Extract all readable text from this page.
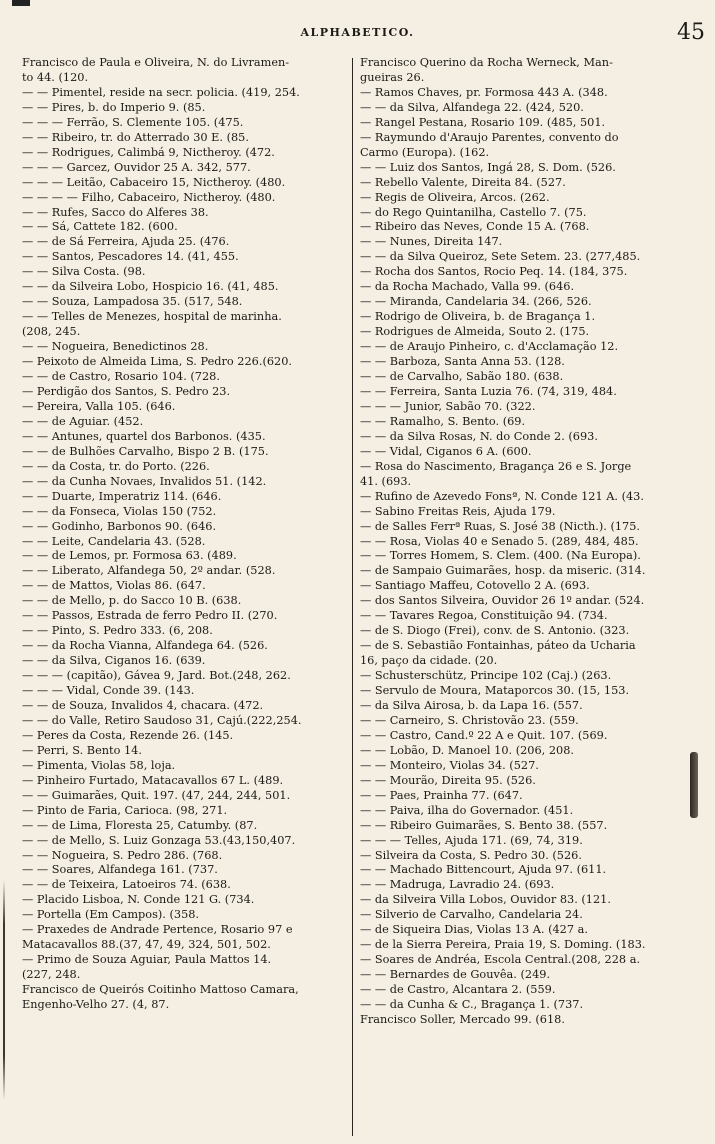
ALPHABETICO.	45
Francisco de Paula e Oliveira, N. do Livramen-
to 44. (120.
— — Pimentel, reside na secr. policia. (419, 254.
— — Pires, b. do Imperio 9. (85.
— — — Ferrão, S. Clemente 105. (475.
— — Ribeiro, tr. do Atterrado 30 E. (85.
— — Rodrigues, Calimbá 9, Nictheroy. (472.
— — — Garcez, Ouvidor 25 A. 342, 577.
— — — Leitão, Cabaceiro 15, Nictheroy. (480.
— — — — Filho, Cabaceiro, Nictheroy. (480.
— — Rufes, Sacco do Alferes 38.
— — Sá, Cattete 182. (600.
— — de Sá Ferreira, Ajuda 25. (476.
— — Santos, Pescadores 14. (41, 455.
— — Silva Costa. (98.
— — da Silveira Lobo, Hospicio 16. (41, 485.
— — Souza, Lampadosa 35. (517, 548.
— — Telles de Menezes, hospital de marinha.
(208, 245.
— — Nogueira, Benedictinos 28.
— Peixoto de Almeida Lima, S. Pedro 226.(620.
— — de Castro, Rosario 104. (728.
— Perdigão dos Santos, S. Pedro 23.
— Pereira, Valla 105. (646.
— — de Aguiar. (452.
— — Antunes, quartel dos Barbonos. (435.
— — de Bulhões Carvalho, Bispo 2 B. (175.
— — da Costa, tr. do Porto. (226.
— — da Cunha Novaes, Invalidos 51. (142.
— — Duarte, Imperatriz 114. (646.
— — da Fonseca, Violas 150 (752.
— — Godinho, Barbonos 90. (646.
— — Leite, Candelaria 43. (528.
— — de Lemos, pr. Formosa 63. (489.
— — Liberato, Alfandega 50, 2º andar. (528.
— — de Mattos, Violas 86. (647.
— — de Mello, p. do Sacco 10 B. (638.
— — Passos, Estrada de ferro Pedro II. (270.
— — Pinto, S. Pedro 333. (6, 208.
— — da Rocha Vianna, Alfandega 64. (526.
— — da Silva, Ciganos 16. (639.
— — — (capitão), Gávea 9, Jard. Bot.(248, 262.
— — — Vidal, Conde 39. (143.
— — de Souza, Invalidos 4, chacara. (472.
— — do Valle, Retiro Saudoso 31, Cajú.(222,254.
— Peres da Costa, Rezende 26. (145.
— Perri, S. Bento 14.
— Pimenta, Violas 58, loja.
— Pinheiro Furtado, Matacavallos 67 L. (489.
— — Guimarães, Quit. 197. (47, 244, 244, 501.
— Pinto de Faria, Carioca. (98, 271.
— — de Lima, Floresta 25, Catumby. (87.
— — de Mello, S. Luiz Gonzaga 53.(43,150,407.
— — Nogueira, S. Pedro 286. (768.
— — Soares, Alfandega 161. (737.
— — de Teixeira, Latoeiros 74. (638.
— Placido Lisboa, N. Conde 121 G. (734.
— Portella (Em Campos). (358.
— Praxedes de Andrade Pertence, Rosario 97 e
Matacavallos 88.(37, 47, 49, 324, 501, 502.
— Primo de Souza Aguiar, Paula Mattos 14.
(227, 248.
Francisco de Queirós Coitinho Mattoso Camara,
Engenho-Velho 27. (4, 87.
Francisco Querino da Rocha Werneck, Man-
gueiras 26.
— Ramos Chaves, pr. Formosa 443 A. (348.
— — da Silva, Alfandega 22. (424, 520.
— Rangel Pestana, Rosario 109. (485, 501.
— Raymundo d'Araujo Parentes, convento do
Carmo (Europa). (162.
— — Luiz dos Santos, Ingá 28, S. Dom. (526.
— Rebello Valente, Direita 84. (527.
— Regis de Oliveira, Arcos. (262.
— do Rego Quintanilha, Castello 7. (75.
— Ribeiro das Neves, Conde 15 A. (768.
— — Nunes, Direita 147.
— — da Silva Queiroz, Sete Setem. 23. (277,485.
— Rocha dos Santos, Rocio Peq. 14. (184, 375.
— da Rocha Machado, Valla 99. (646.
— — Miranda, Candelaria 34. (266, 526.
— Rodrigo de Oliveira, b. de Bragança 1.
— Rodrigues de Almeida, Souto 2. (175.
— — de Araujo Pinheiro, c. d'Acclamação 12.
— — Barboza, Santa Anna 53. (128.
— — de Carvalho, Sabão 180. (638.
— — Ferreira, Santa Luzia 76. (74, 319, 484.
— — — Junior, Sabão 70. (322.
— — Ramalho, S. Bento. (69.
— — da Silva Rosas, N. do Conde 2. (693.
— — Vidal, Ciganos 6 A. (600.
— Rosa do Nascimento, Bragança 26 e S. Jorge
41. (693.
— Rufino de Azevedo Fonsª, N. Conde 121 A. (43.
— Sabino Freitas Reis, Ajuda 179.
— de Salles Ferrª Ruas, S. José 38 (Nicth.). (175.
— — Rosa, Violas 40 e Senado 5. (289, 484, 485.
— — Torres Homem, S. Clem. (400. (Na Europa).
— de Sampaio Guimarães, hosp. da miseric. (314.
— Santiago Maffeu, Cotovello 2 A. (693.
— dos Santos Silveira, Ouvidor 26 1º andar. (524.
— — Tavares Regoa, Constituição 94. (734.
— de S. Diogo (Frei), conv. de S. Antonio. (323.
— de S. Sebastião Fontainhas, páteo da Ucharia
16, paço da cidade. (20.
— Schusterschütz, Principe 102 (Caj.) (263.
— Servulo de Moura, Mataporcos 30. (15, 153.
— da Silva Airosa, b. da Lapa 16. (557.
— — Carneiro, S. Christovão 23. (559.
— — Castro, Cand.º 22 A e Quit. 107. (569.
— — Lobão, D. Manoel 10. (206, 208.
— — Monteiro, Violas 34. (527.
— — Mourão, Direita 95. (526.
— — Paes, Prainha 77. (647.
— — Paiva, ilha do Governador. (451.
— — Ribeiro Guimarães, S. Bento 38. (557.
— — — Telles, Ajuda 171. (69, 74, 319.
— Silveira da Costa, S. Pedro 30. (526.
— — Machado Bittencourt, Ajuda 97. (611.
— — Madruga, Lavradio 24. (693.
— da Silveira Villa Lobos, Ouvidor 83. (121.
— Silverio de Carvalho, Candelaria 24.
— de Siqueira Dias, Violas 13 A. (427 a.
— de la Sierra Pereira, Praia 19, S. Doming. (183.
— Soares de Andréa, Escola Central.(208, 228 a.
— — Bernardes de Gouvêa. (249.
— — de Castro, Alcantara 2. (559.
— — da Cunha & C., Bragança 1. (737.
Francisco Soller, Mercado 99. (618.
